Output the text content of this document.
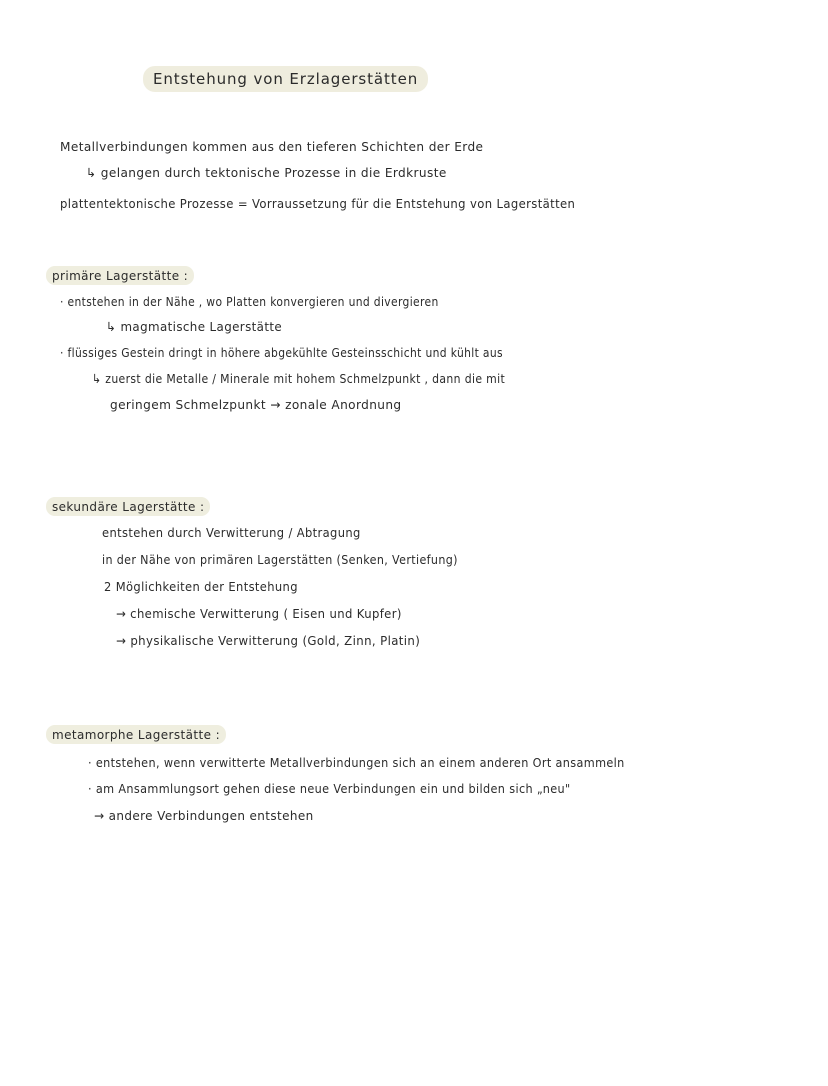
Entstehung von Erzlagerstätten
Metallverbindungen kommen aus den tieferen Schichten der Erde
↳ gelangen durch tektonische Prozesse in die Erdkruste
plattentektonische Prozesse = Vorraussetzung für die Entstehung von Lagerstätten
primäre Lagerstätte :
· entstehen in der Nähe , wo Platten konvergieren und divergieren
↳ magmatische Lagerstätte
· flüssiges Gestein dringt in höhere abgekühlte Gesteinsschicht und kühlt aus
↳ zuerst die Metalle / Minerale mit hohem Schmelzpunkt , dann die mit
geringem Schmelzpunkt → zonale Anordnung
sekundäre Lagerstätte :
entstehen durch Verwitterung / Abtragung
in der Nähe von primären Lagerstätten (Senken, Vertiefung)
2 Möglichkeiten der Entstehung
→ chemische Verwitterung ( Eisen und Kupfer)
→ physikalische Verwitterung (Gold, Zinn, Platin)
metamorphe Lagerstätte :
· entstehen, wenn verwitterte Metallverbindungen sich an einem anderen Ort ansammeln
· am Ansammlungsort gehen diese neue Verbindungen ein und bilden sich „neu"
→ andere Verbindungen entstehen
